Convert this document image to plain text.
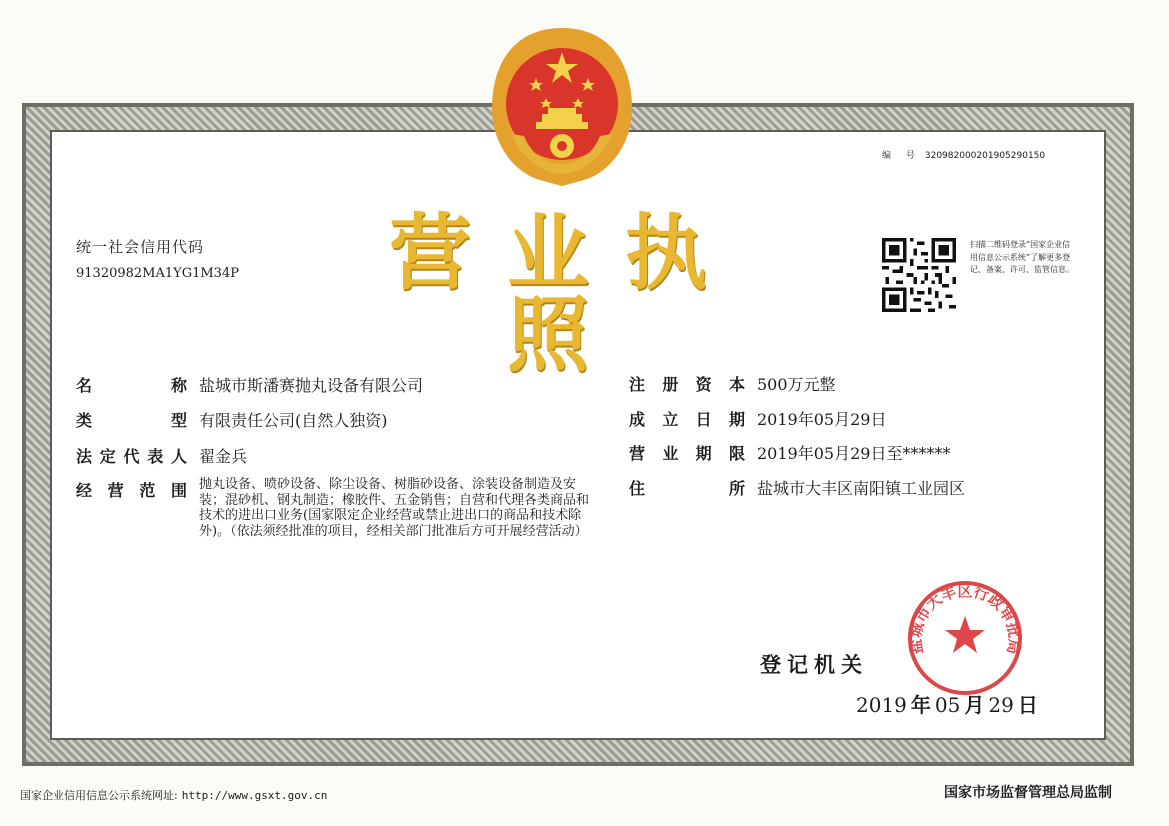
编 号 320982000201905290150
统一社会信用代码
91320982MA1YG1M34P	营业执照
扫描二维码登录“国家企业信用信息公示系统”了解更多登记、备案、许可、监管信息。
名称 盐城市斯潘赛抛丸设备有限公司
类型 有限责任公司(自然人独资)
法定代表人 翟金兵
经营范围 抛丸设备、喷砂设备、除尘设备、树脂砂设备、涂装设备制造及安装；混砂机、钢丸制造；橡胶件、五金销售；自营和代理各类商品和技术的进出口业务(国家限定企业经营或禁止进出口的商品和技术除外)。（依法须经批准的项目，经相关部门批准后方可开展经营活动）
注册资本 500万元整
成立日期 2019年05月29日
营业期限 2019年05月29日至******
住所 盐城市大丰区南阳镇工业园区
登记机关
2019 年 05 月 29 日
盐城市大丰区行政审批局
国家企业信用信息公示系统网址: http://www.gsxt.gov.cn	国家市场监督管理总局监制
